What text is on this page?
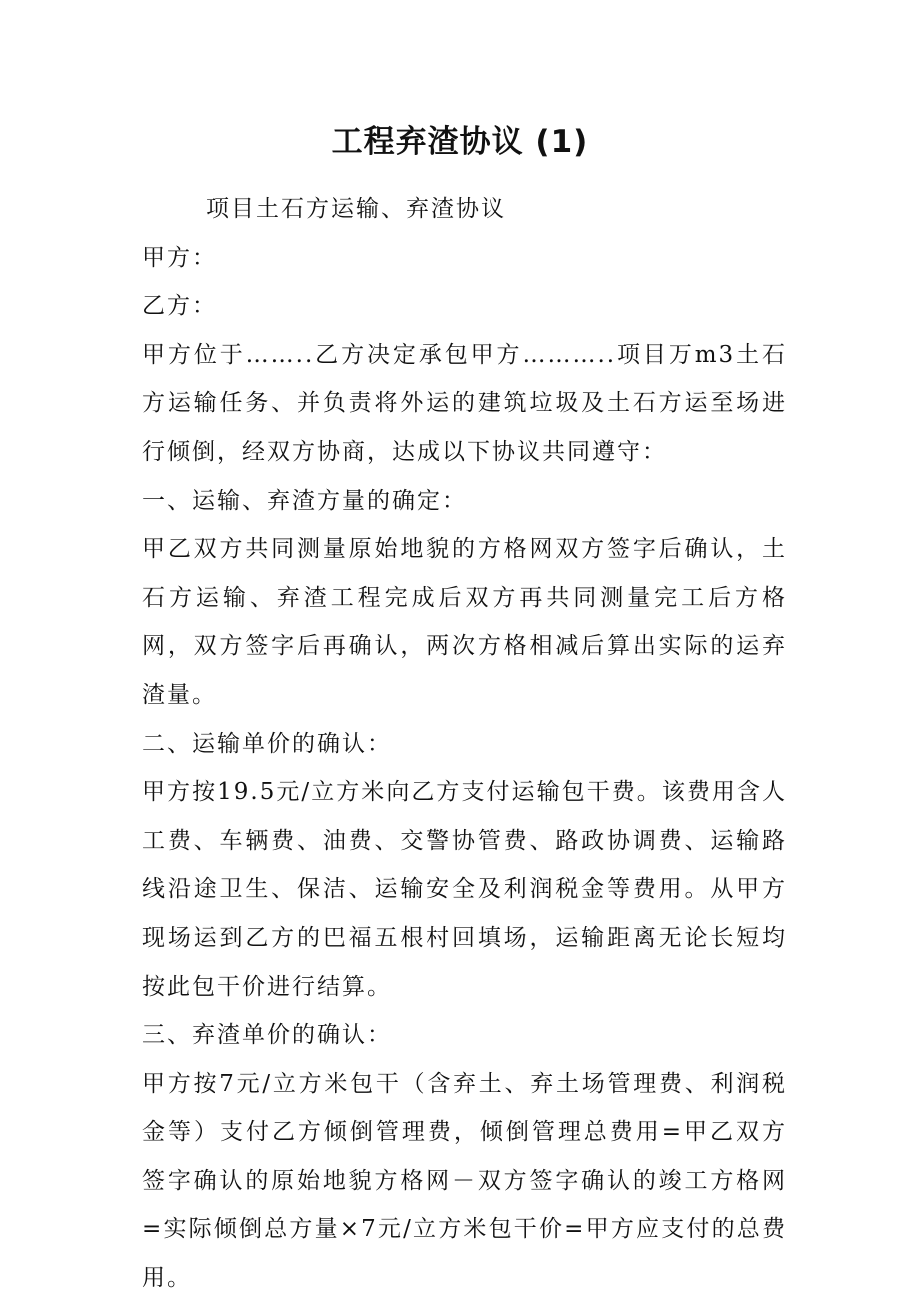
工程弃渣协议 (1)

项目土石方运输、弃渣协议

甲方：

乙方：

甲方位于……..乙方决定承包甲方………..项目万m3土石方运输任务、并负责将外运的建筑垃圾及土石方运至场进行倾倒，经双方协商，达成以下协议共同遵守：

一、运输、弃渣方量的确定：

甲乙双方共同测量原始地貌的方格网双方签字后确认，土石方运输、弃渣工程完成后双方再共同测量完工后方格网，双方签字后再确认，两次方格相减后算出实际的运弃渣量。

二、运输单价的确认：

甲方按19.5元/立方米向乙方支付运输包干费。该费用含人工费、车辆费、油费、交警协管费、路政协调费、运输路线沿途卫生、保洁、运输安全及利润税金等费用。从甲方现场运到乙方的巴福五根村回填场，运输距离无论长短均按此包干价进行结算。

三、弃渣单价的确认：

甲方按7元/立方米包干（含弃土、弃土场管理费、利润税金等）支付乙方倾倒管理费，倾倒管理总费用=甲乙双方签字确认的原始地貌方格网－双方签字确认的竣工方格网=实际倾倒总方量×7元/立方米包干价=甲方应支付的总费用。
